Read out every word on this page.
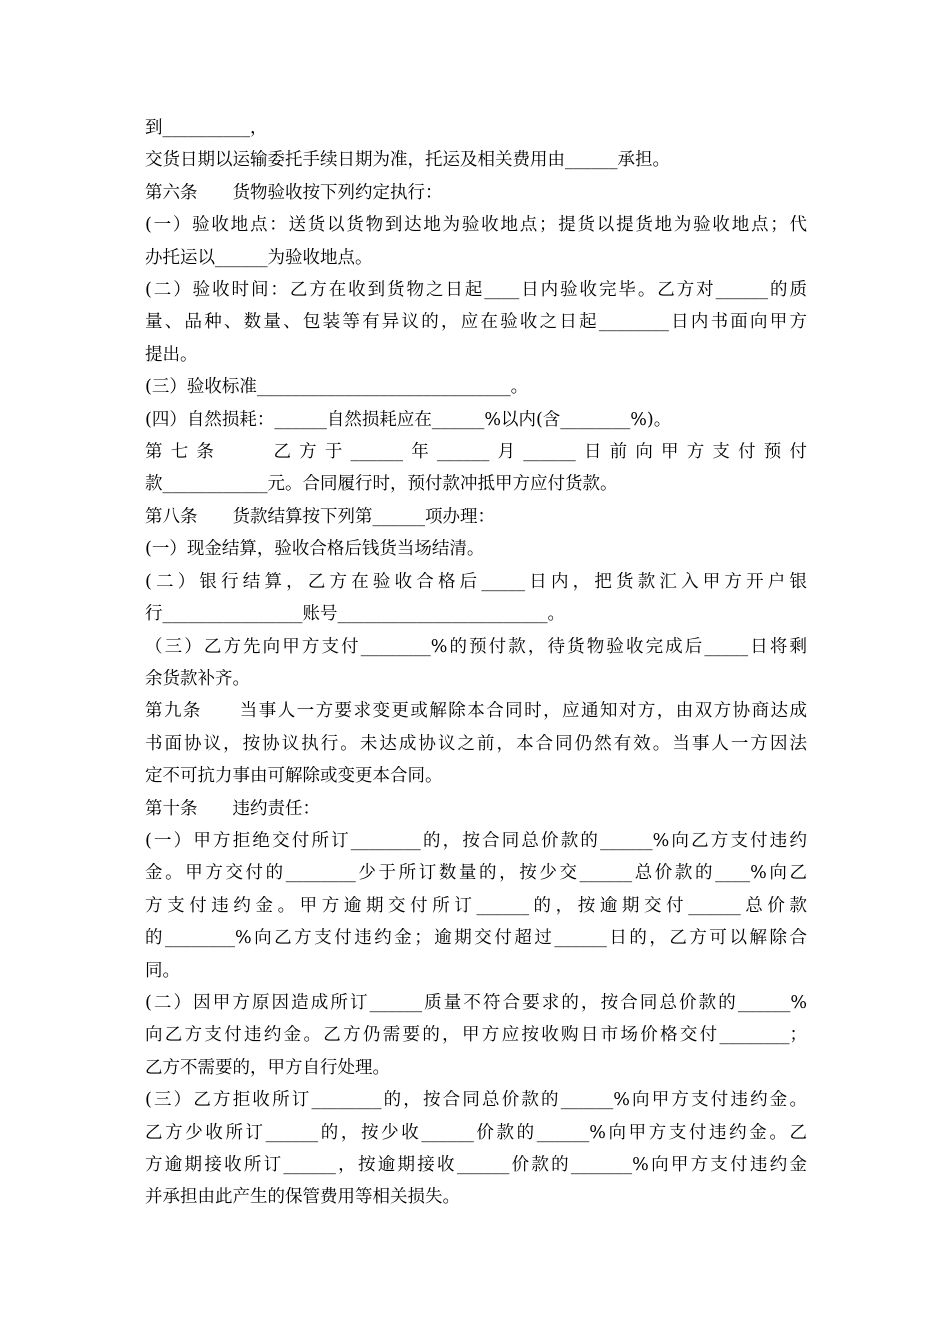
到__________，

交货日期以运输委托手续日期为准，托运及相关费用由______承担。

第六条　　货物验收按下列约定执行：

(一）验收地点：送货以货物到达地为验收地点；提货以提货地为验收地点；代

办托运以______为验收地点。

(二）验收时间：乙方在收到货物之日起____日内验收完毕。乙方对______的质

量、品种、数量、包装等有异议的，应在验收之日起________日内书面向甲方

提出。

(三）验收标准_____________________________。

(四）自然损耗：______自然损耗应在______%以内(含________%)。

第七条　　乙方于______年______月______日前向甲方支付预付

款____________元。合同履行时，预付款冲抵甲方应付货款。

第八条　　货款结算按下列第______项办理：

(一）现金结算，验收合格后钱货当场结清。

(二）银行结算，乙方在验收合格后_____日内，把货款汇入甲方开户银

行________________账号________________________。

（三）乙方先向甲方支付________%的预付款，待货物验收完成后_____日将剩

余货款补齐。

第九条　　当事人一方要求变更或解除本合同时，应通知对方，由双方协商达成

书面协议，按协议执行。未达成协议之前，本合同仍然有效。当事人一方因法

定不可抗力事由可解除或变更本合同。

第十条　　违约责任：

(一）甲方拒绝交付所订________的，按合同总价款的______%向乙方支付违约

金。甲方交付的________少于所订数量的，按少交______总价款的____%向乙

方支付违约金。甲方逾期交付所订______的，按逾期交付______总价款

的________%向乙方支付违约金；逾期交付超过______日的，乙方可以解除合

同。

(二）因甲方原因造成所订______质量不符合要求的，按合同总价款的______%

向乙方支付违约金。乙方仍需要的，甲方应按收购日市场价格交付________；

乙方不需要的，甲方自行处理。

(三）乙方拒收所订________的，按合同总价款的______%向甲方支付违约金。

乙方少收所订______的，按少收______价款的______%向甲方支付违约金。乙

方逾期接收所订______，按逾期接收______价款的_______%向甲方支付违约金

并承担由此产生的保管费用等相关损失。
